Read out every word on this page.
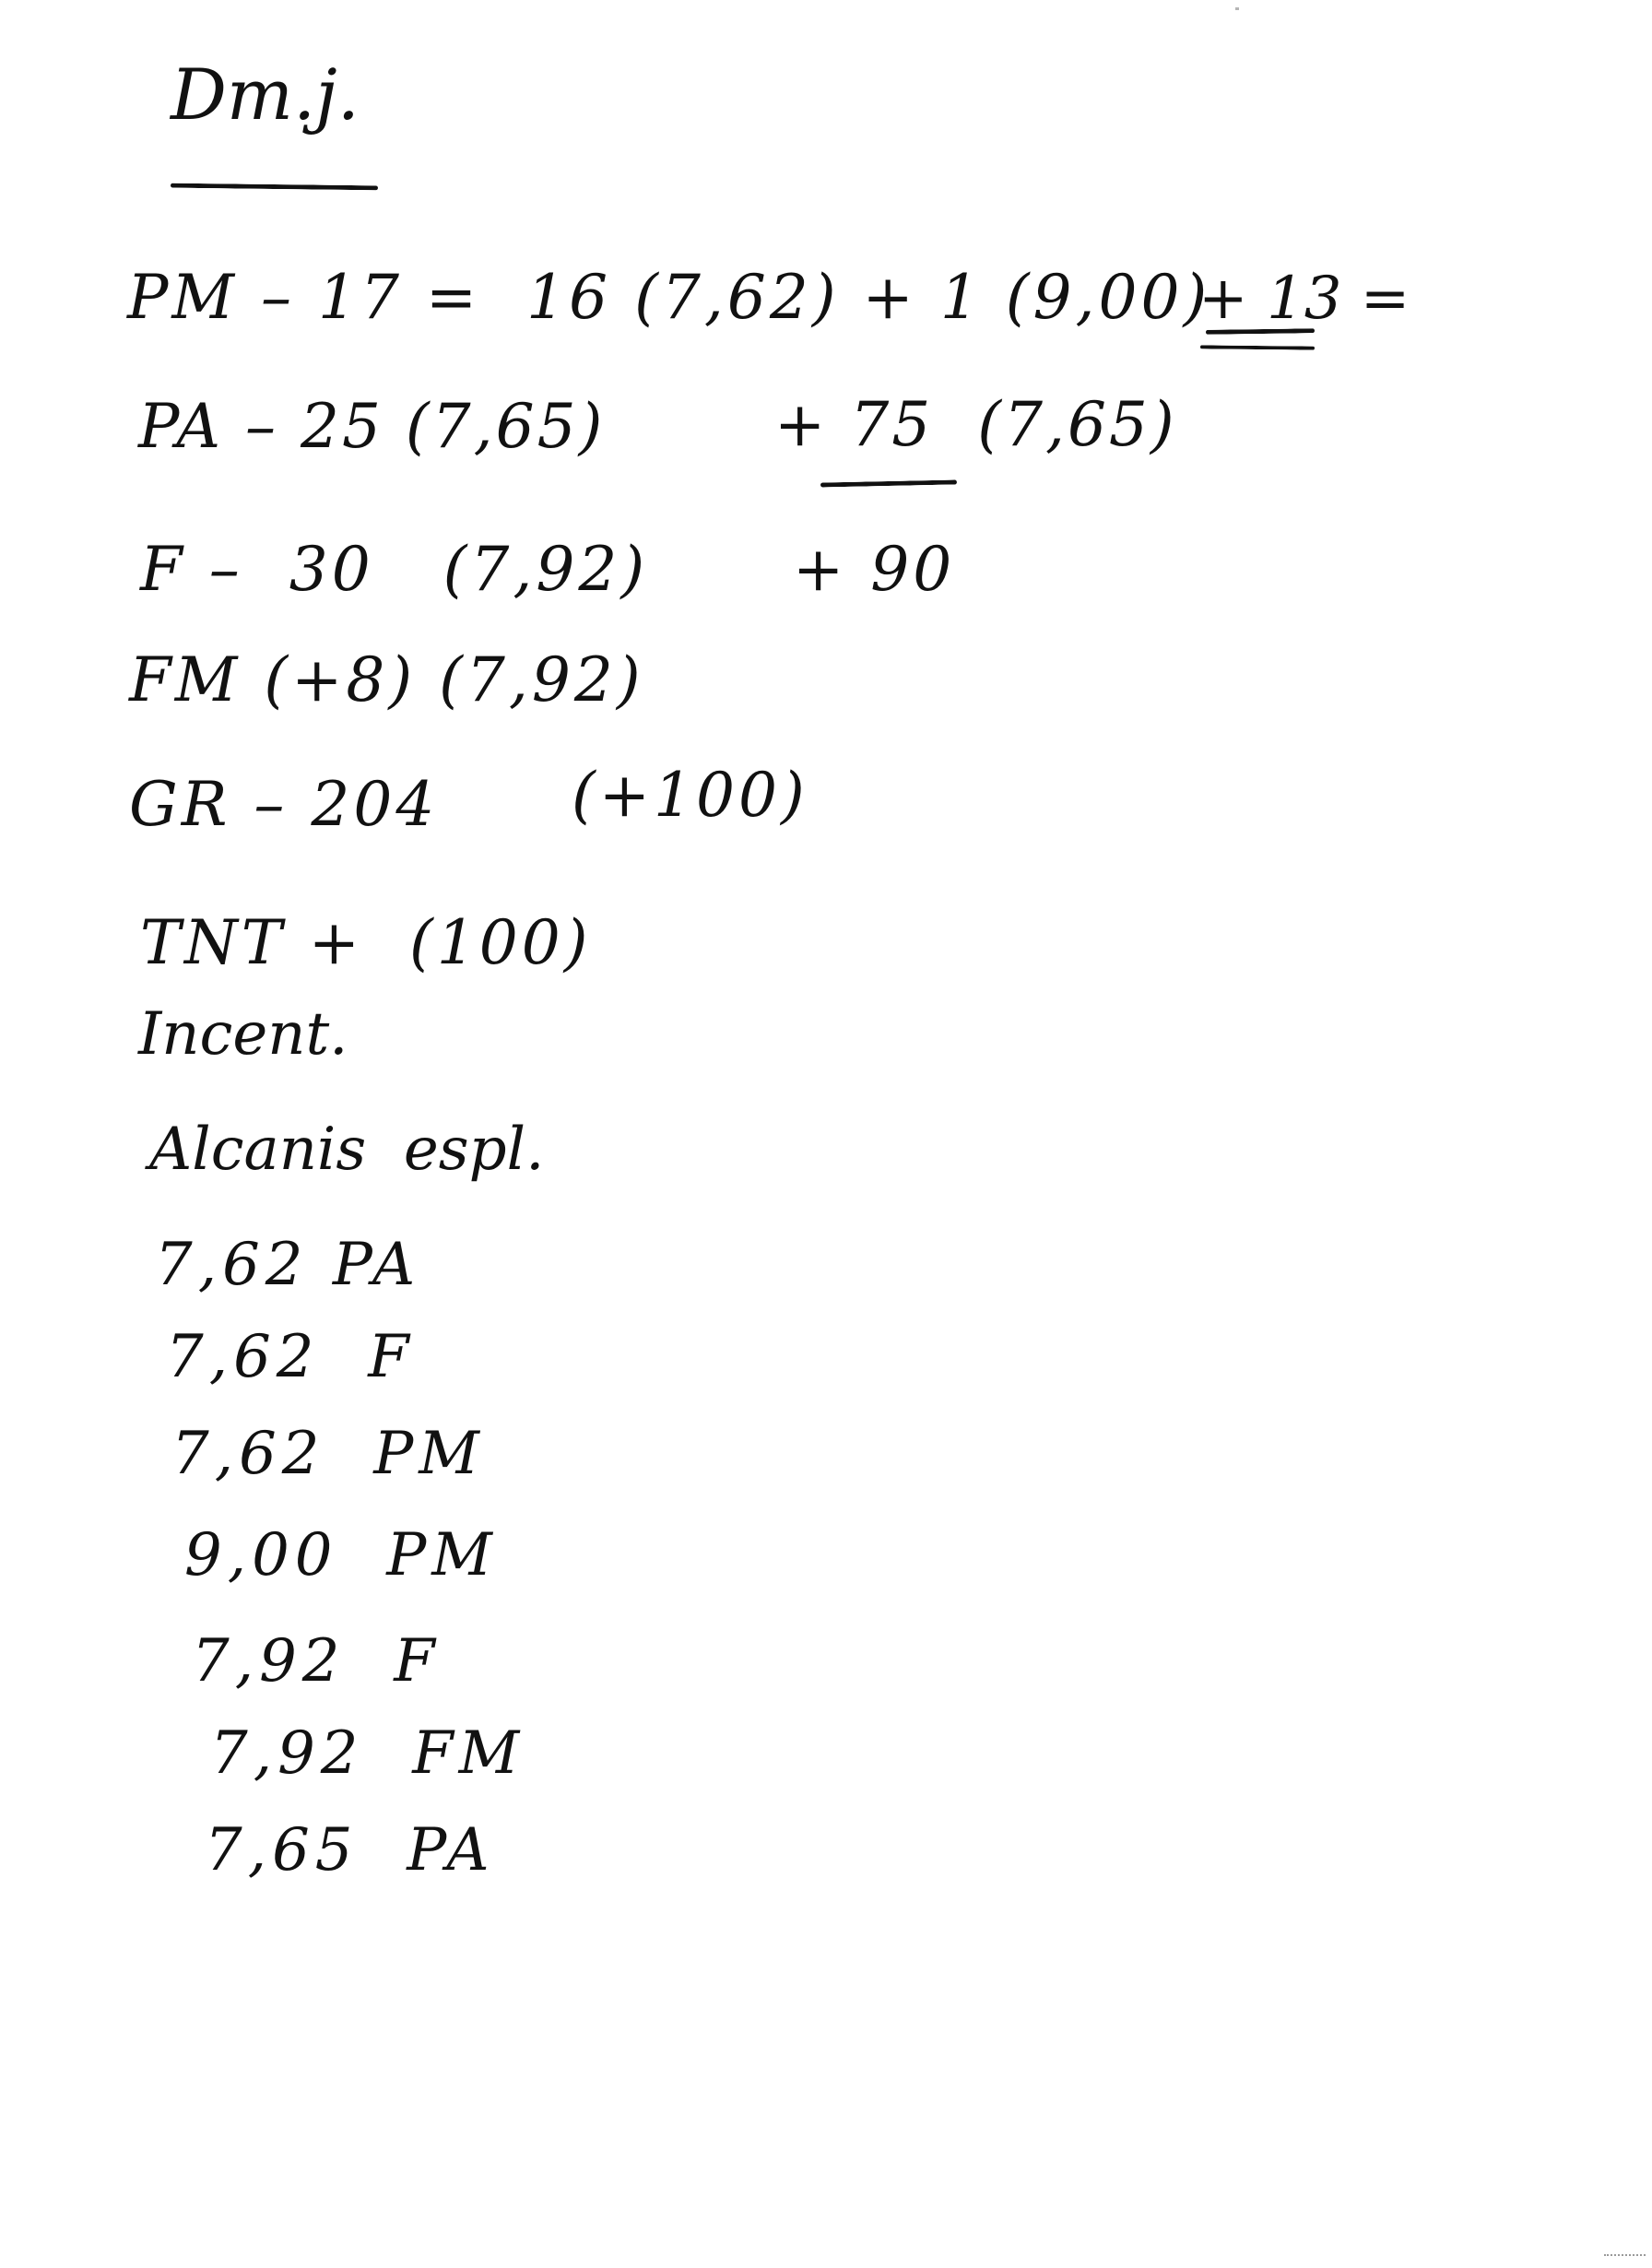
Dm.j.

PM – 17 =  16 (7,62) + 1 (9,00)

+ 13 =

PA – 25 (7,65)	+ 75  (7,65)

F –  30   (7,92) + 90

FM (+8) (7,92)

GR – 204 (+100)

TNT +  (100)

Incent.

Alcanis  espl.

7,62 PA

7,62  F

7,62  PM

9,00  PM

7,92  F

7,92  FM

7,65  PA
